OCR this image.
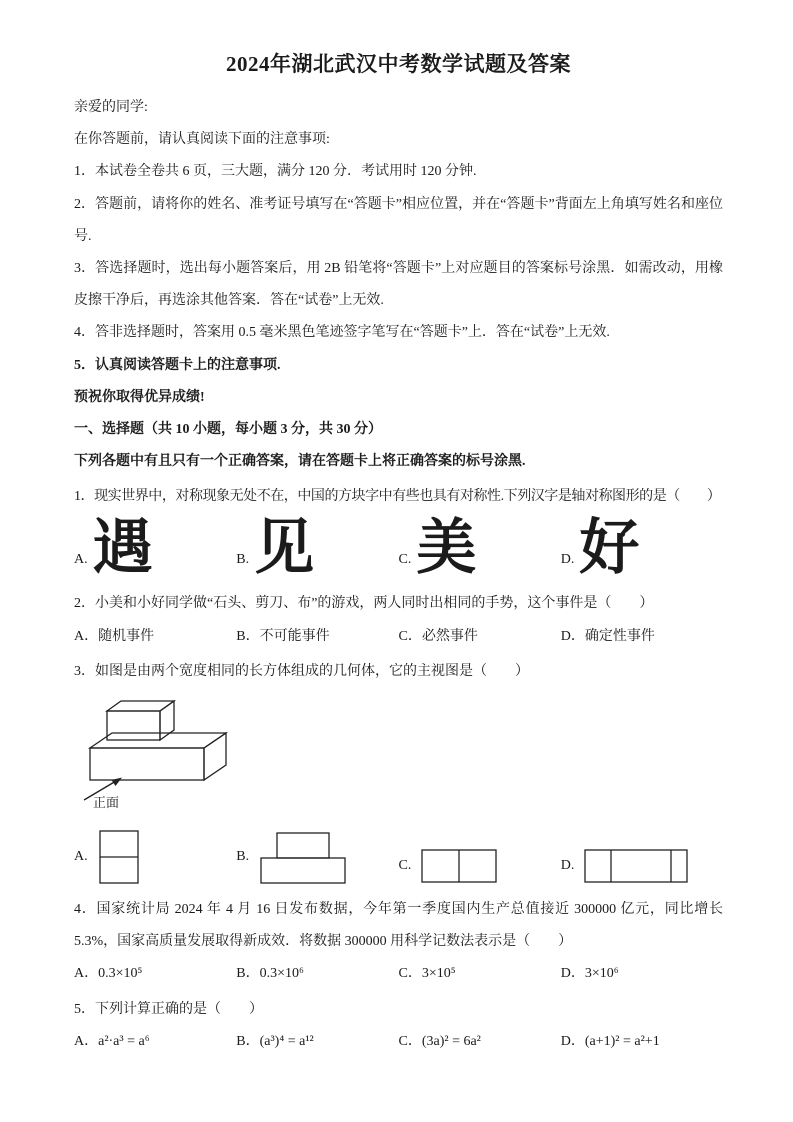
2024年湖北武汉中考数学试题及答案

亲爱的同学:

在你答题前，请认真阅读下面的注意事项:

1．本试卷全卷共 6 页，三大题，满分 120 分．考试用时 120 分钟.

2．答题前，请将你的姓名、准考证号填写在“答题卡”相应位置，并在“答题卡”背面左上角填写姓名和座位号.

3．答选择题时，选出每小题答案后，用 2B 铅笔将“答题卡”上对应题目的答案标号涂黑．如需改动，用橡皮擦干净后，再选涂其他答案．答在“试卷”上无效.

4．答非选择题时，答案用 0.5 毫米黑色笔迹签字笔写在“答题卡”上．答在“试卷”上无效.

5．认真阅读答题卡上的注意事项.

预祝你取得优异成绩!

一、选择题（共 10 小题，每小题 3 分，共 30 分）

下列各题中有且只有一个正确答案，请在答题卡上将正确答案的标号涂黑.

1．现实世界中，对称现象无处不在，中国的方块字中有些也具有对称性.下列汉字是轴对称图形的是（　　）

A. 遇	B. 见	C. 美	D. 好

2．小美和小好同学做“石头、剪刀、布”的游戏，两人同时出相同的手势，这个事件是（　　）

A．随机事件	B．不可能事件	C．必然事件	D．确定性事件

3．如图是由两个宽度相同的长方体组成的几何体，它的主视图是（　　）

正面
A.	B.
C.	D.

4．国家统计局 2024 年 4 月 16 日发布数据，今年第一季度国内生产总值接近 300000 亿元，同比增长5.3%，国家高质量发展取得新成效．将数据 300000 用科学记数法表示是（　　）

A．0.3×10⁵	B．0.3×10⁶	C．3×10⁵	D．3×10⁶

5．下列计算正确的是（　　）

A．a²·a³ = a⁶	B．(a³)⁴ = a¹²	C．(3a)² = 6a²	D．(a+1)² = a²+1
